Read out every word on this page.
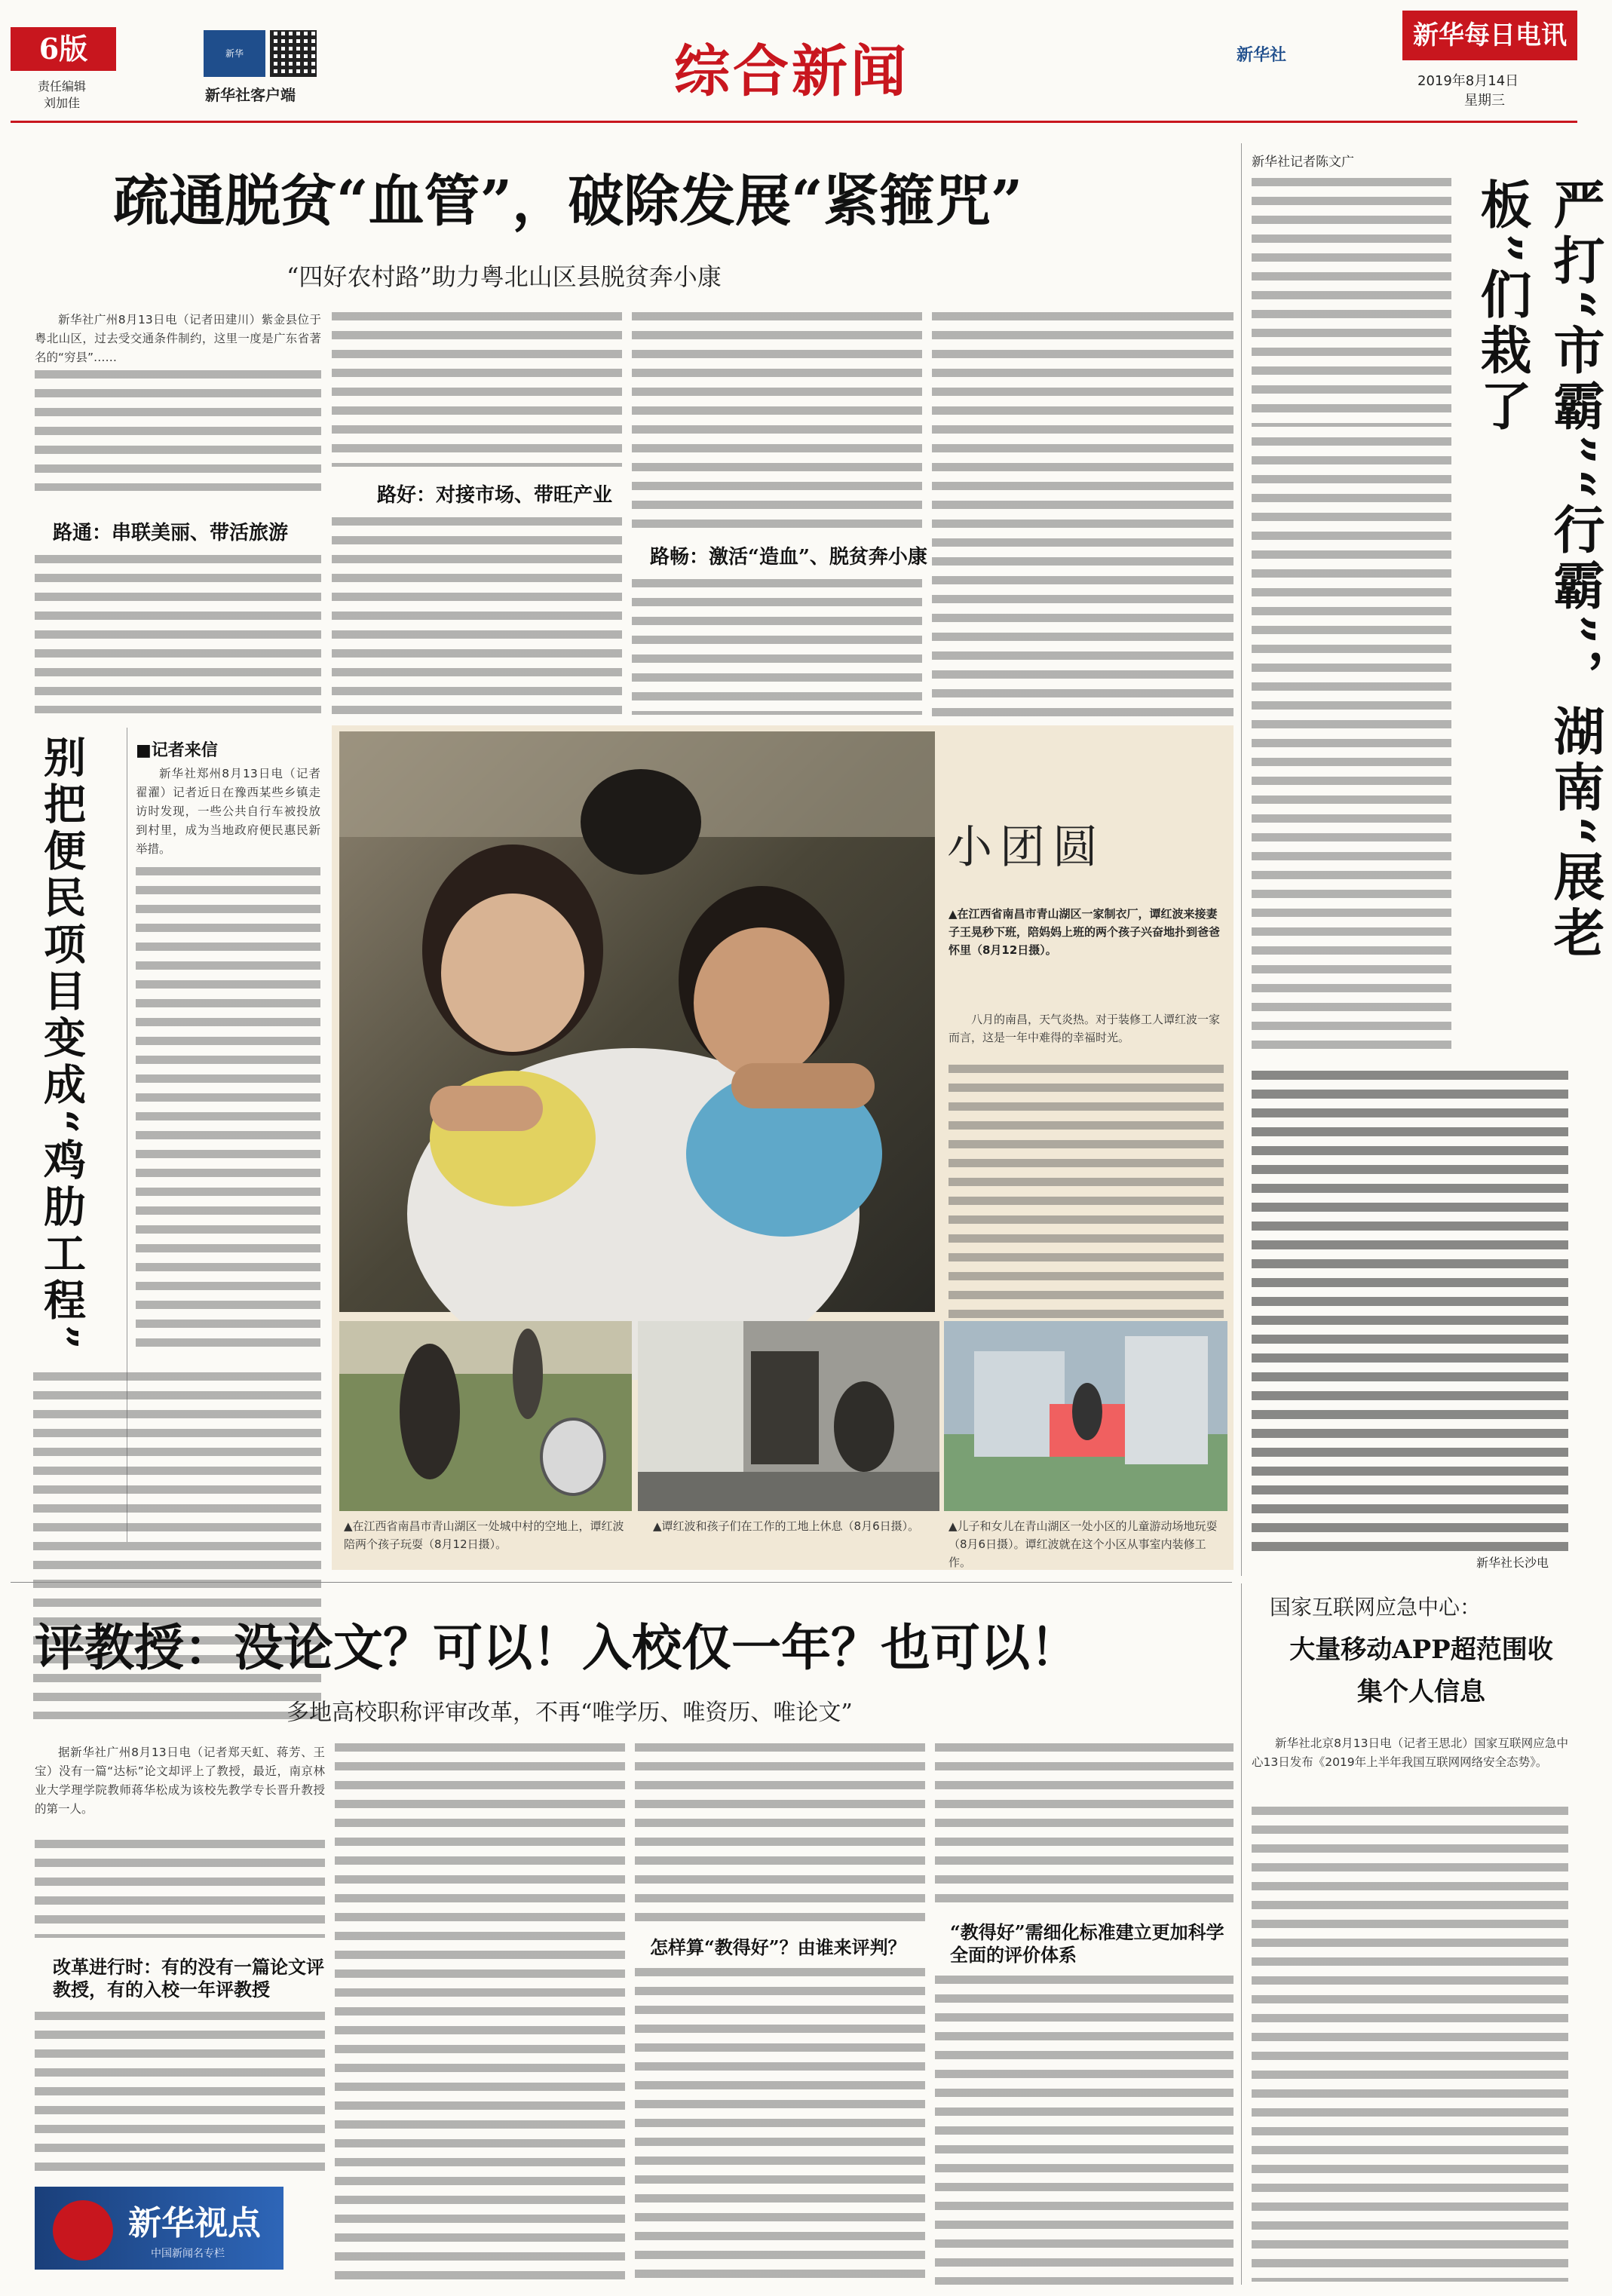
6版
责任编辑
刘加佳
新华
新华社客户端	综合新闻	新华社
新华每日电讯
2019年8月14日
星期三
疏通脱贫“血管”，破除发展“紧箍咒”
“四好农村路”助力粤北山区县脱贫奔小康

新华社广州8月13日电（记者田建川）紫金县位于粤北山区，过去受交通条件制约，这里一度是广东省著名的“穷县”……

路通：串联美丽、带活旅游
路好：对接市场、带旺产业
路畅：激活“造血”、脱贫奔小康
别把便民项目变成“鸡肋工程”	■记者来信

新华社郑州8月13日电（记者翟濯）记者近日在豫西某些乡镇走访时发现，一些公共自行车被投放到村里，成为当地政府便民惠民新举措。	小团圆
▲在江西省南昌市青山湖区一家制衣厂，谭红波来接妻子王晃秒下班，陪妈妈上班的两个孩子兴奋地扑到爸爸怀里（8月12日摄）。
八月的南昌，天气炎热。对于装修工人谭红波一家而言，这是一年中难得的幸福时光。
▲在江西省南昌市青山湖区一处城中村的空地上，谭红波陪两个孩子玩耍（8月12日摄）。
▲谭红波和孩子们在工作的工地上休息（8月6日摄）。	▲儿子和女儿在青山湖区一处小区的儿童游动场地玩耍（8月6日摄）。谭红波就在这个小区从事室内装修工作。
新华社记者陈文广
严打“市霸”“行霸”，湖南“展老板”们栽了
新华社长沙电
评教授：没论文？可以！入校仅一年？也可以！
多地高校职称评审改革，不再“唯学历、唯资历、唯论文”

据新华社广州8月13日电（记者郑天虹、蒋芳、王宝）没有一篇“达标”论文却评上了教授，最近，南京林业大学理学院教师蒋华松成为该校先教学专长晋升教授的第一人。

改革进行时：有的没有一篇论文评教授，有的入校一年评教授
怎样算“教得好”？由谁来评判？
“教得好”需细化标准建立更加科学全面的评价体系
新华视点
中国新闻名专栏
国家互联网应急中心：
大量移动APP超范围收集个人信息

新华社北京8月13日电（记者王思北）国家互联网应急中心13日发布《2019年上半年我国互联网网络安全态势》。
